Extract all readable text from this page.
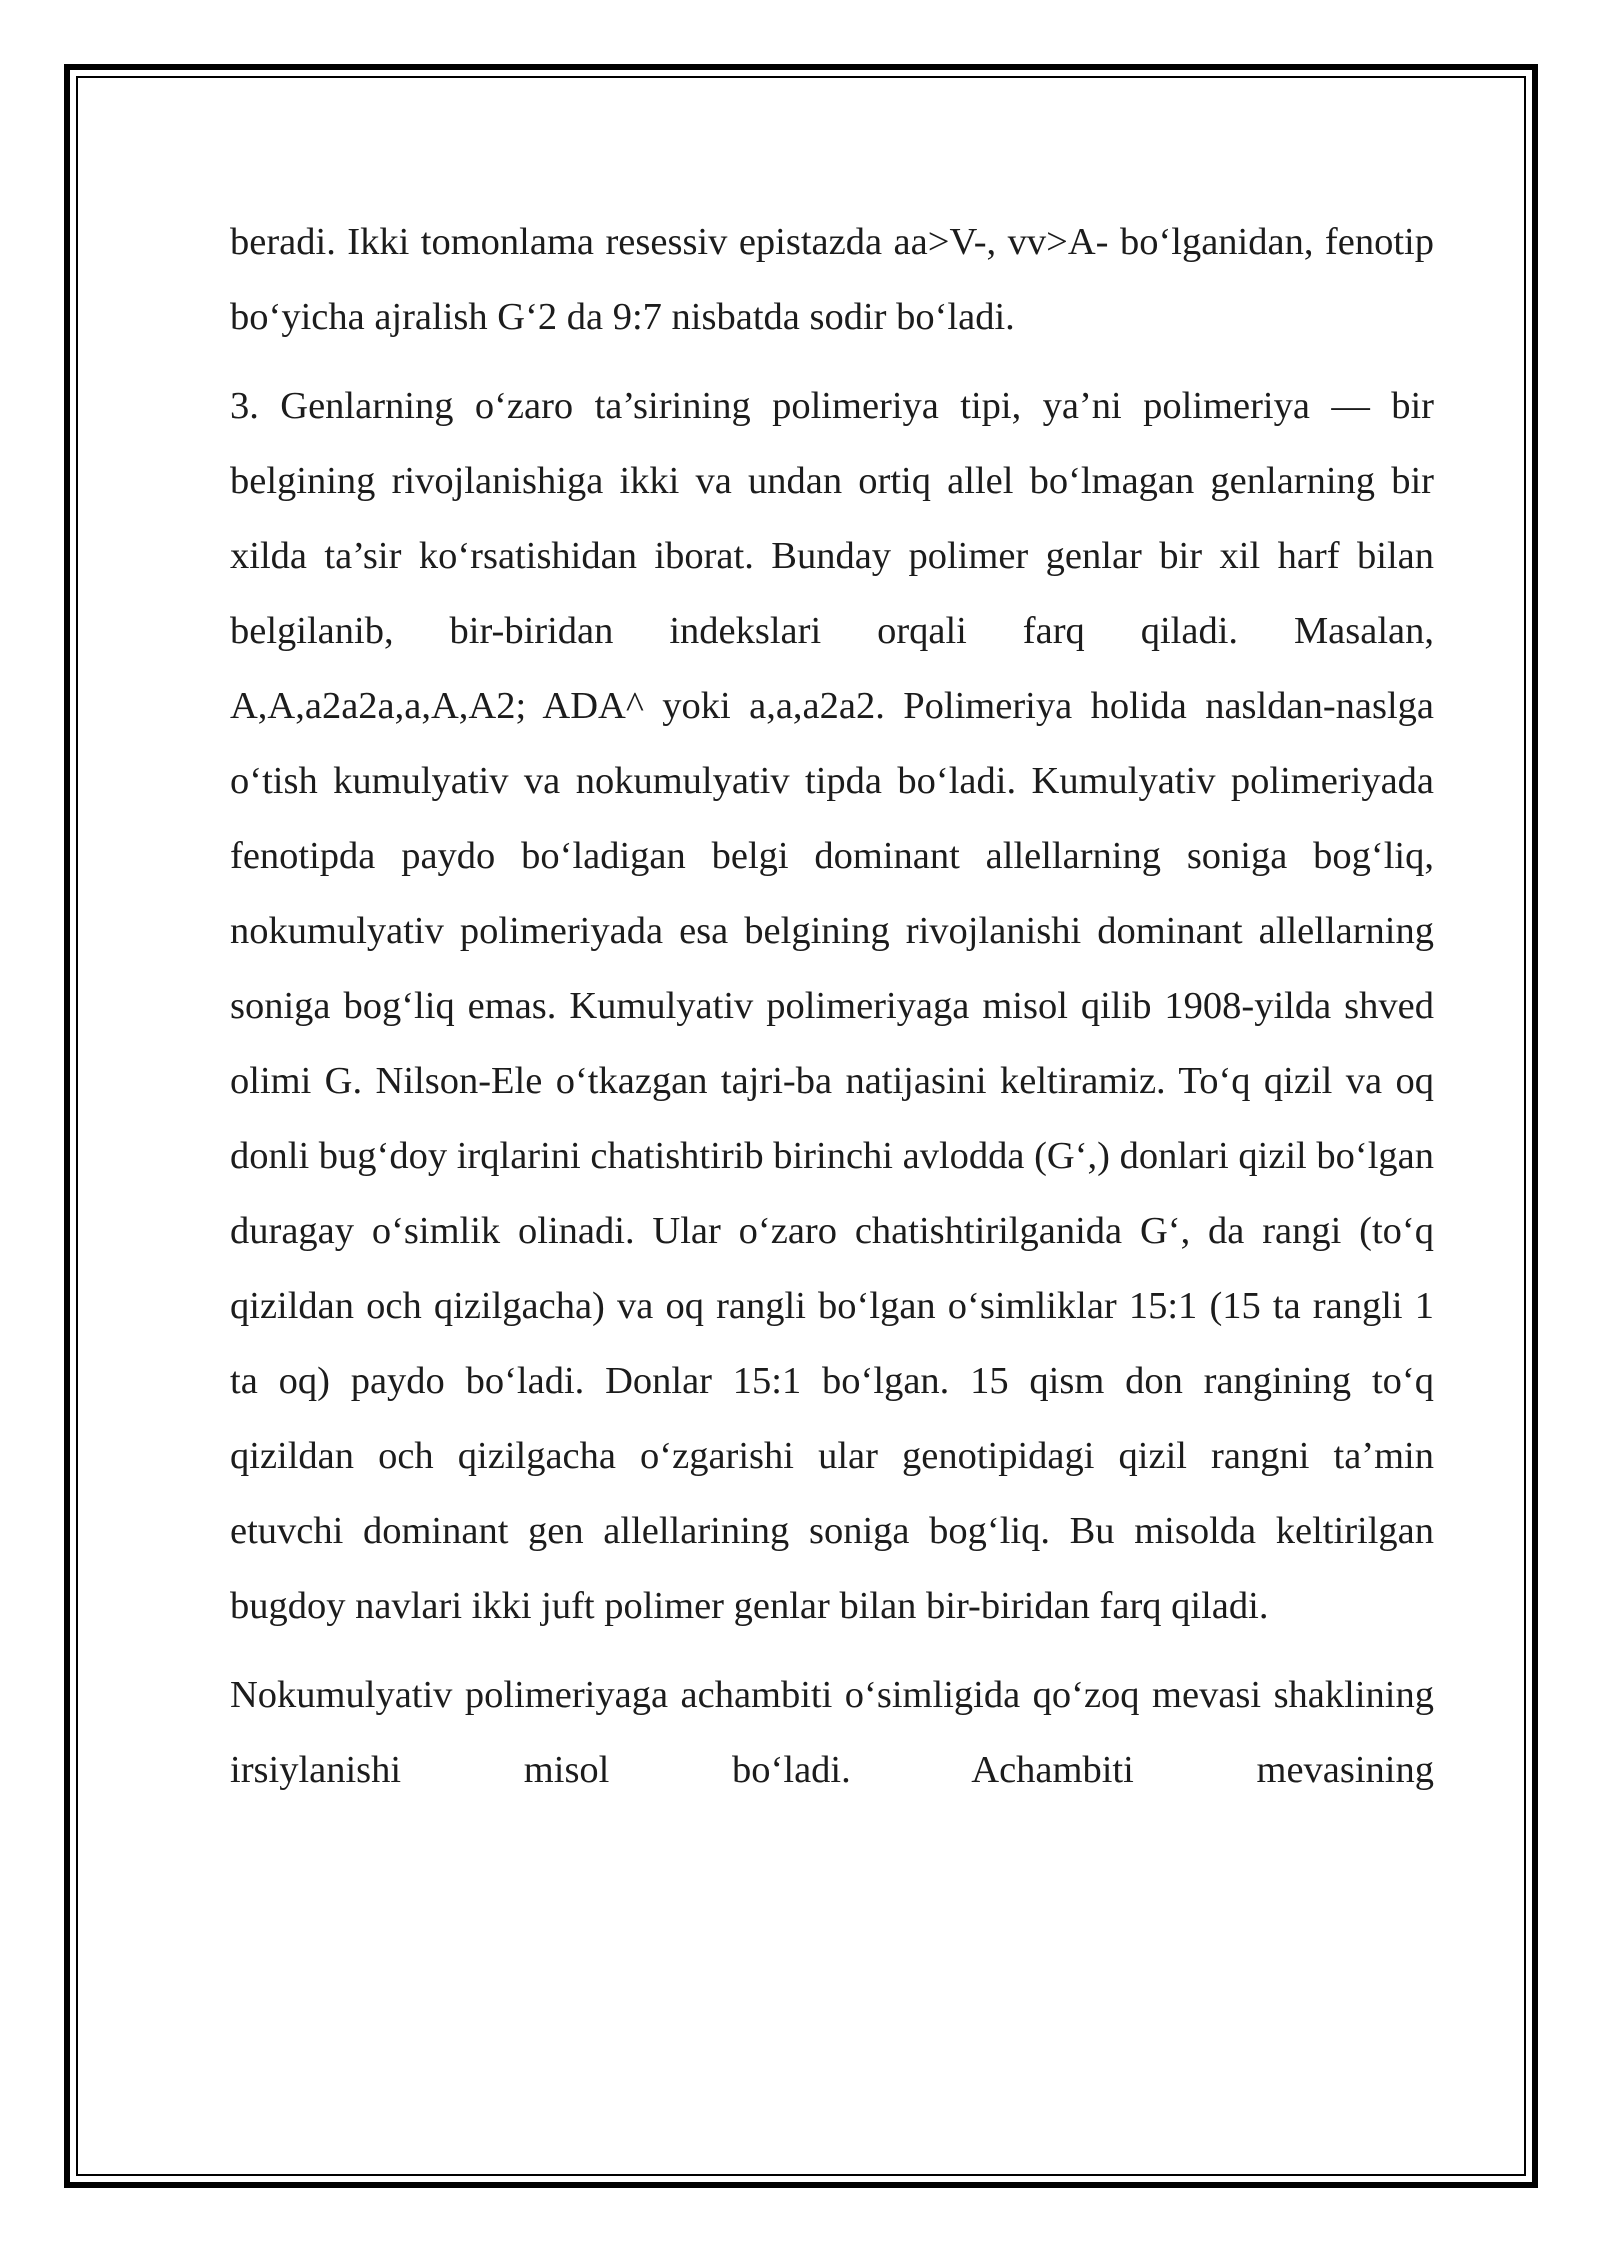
beradi. Ikki tomonlama resessiv epistazda aa>V-, vv>A- bo‘lganidan, fenotip bo‘yicha ajralish G‘2 da 9:7 nisbatda sodir bo‘ladi.

3. Genlarning o‘zaro ta’sirining polimeriya tipi, ya’ni polimeriya — bir belgining rivojlanishiga ikki va undan ortiq allel bo‘lmagan genlarning bir xilda ta’sir ko‘rsatishidan iborat. Bunday polimer genlar bir xil harf bilan belgilanib, bir-biridan indekslari orqali farq qiladi. Masalan, A,A,a2a2a,a,A,A2; ADA^ yoki a,a,a2a2. Polimeriya holida nasldan-naslga o‘tish kumulyativ va nokumulyativ tipda bo‘ladi. Kumulyativ polimeriyada fenotipda paydo bo‘ladigan belgi dominant allellarning soniga bog‘liq, nokumulyativ polimeriyada esa belgining rivojlanishi dominant allellarning soniga bog‘liq emas. Kumulyativ polimeriyaga misol qilib 1908-yilda shved olimi G. Nilson-Ele o‘tkazgan tajri-ba natijasini keltiramiz. To‘q qizil va oq donli bug‘doy irqlarini chatishtirib birinchi avlodda (G‘,) donlari qizil bo‘lgan duragay o‘simlik olinadi. Ular o‘zaro chatishtirilganida G‘, da rangi (to‘q qizildan och qizilgacha) va oq rangli bo‘lgan o‘simliklar 15:1 (15 ta rangli 1 ta oq) paydo bo‘ladi. Donlar 15:1 bo‘lgan. 15 qism don rangining to‘q qizildan och qizilgacha o‘zgarishi ular genotipidagi qizil rangni ta’min etuvchi dominant gen allellarining soniga bog‘liq. Bu misolda keltirilgan bugdoy navlari ikki juft polimer genlar bilan bir-biridan farq qiladi.

Nokumulyativ polimeriyaga achambiti o‘simligida qo‘zoq mevasi shaklining irsiylanishi misol bo‘ladi. Achambiti mevasining
